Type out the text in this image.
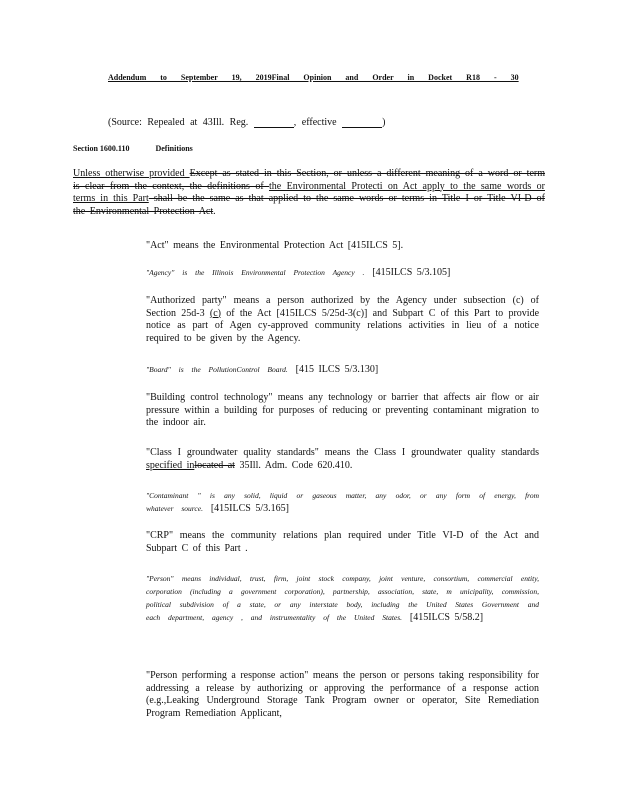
Addendum to September 19, 2019Final Opinion and Order in Docket R18 - 30
(Source: Repealed at 43Ill. Reg.	, effective	)
Section 1600.110	Definitions
Unless otherwise provided Except as stated in this Section, or unless a different meaning of a word or term is clear from the context, the definitions of the Environmental Protecti on Act apply to the same words or terms in this Part shall be the same as that applied to the same words or terms in Title I or Title VI-D of the Environmental Protection Act.
"Act" means the Environmental Protection Act [415ILCS 5].
"Agency" is the Illinois Environmental Protection Agency . [415ILCS 5/3.105]
"Authorized party" means a person authorized by the Agency under subsection (c) of Section 25d-3 (c) of the Act [415ILCS 5/25d-3(c)] and Subpart C of this Part to provide notice as part of Agen cy-approved community relations activities in lieu of a notice required to be given by the Agency.
"Board" is the PollutionControl Board. [415 ILCS 5/3.130]
"Building control technology" means any technology or barrier that affects air flow or air pressure within a building for purposes of reducing or preventing contaminant migration to the indoor air.
"Class I groundwater quality standards" means the Class I groundwater quality standards specified inlocated at 35Ill. Adm. Code 620.410.
"Contaminant " is any solid, liquid or gaseous matter, any odor, or any form of energy, from whatever source. [415ILCS 5/3.165]
"CRP" means the community relations plan required under Title VI-D of the Act and Subpart C of this Part .
"Person" means individual, trust, firm, joint stock company, joint venture, consortium, commercial entity, corporation (including a government corporation), partnership, association, state, m unicipality, commission, political subdivision of a state, or any interstate body, including the United States Government and each department, agency , and instrumentality of the United States. [415ILCS 5/58.2]
"Person performing a response action" means the person or persons taking responsibility for addressing a release by authorizing or approving the performance of a response action (e.g.,Leaking Underground Storage Tank Program owner or operator, Site Remediation Program Remediation Applicant,
